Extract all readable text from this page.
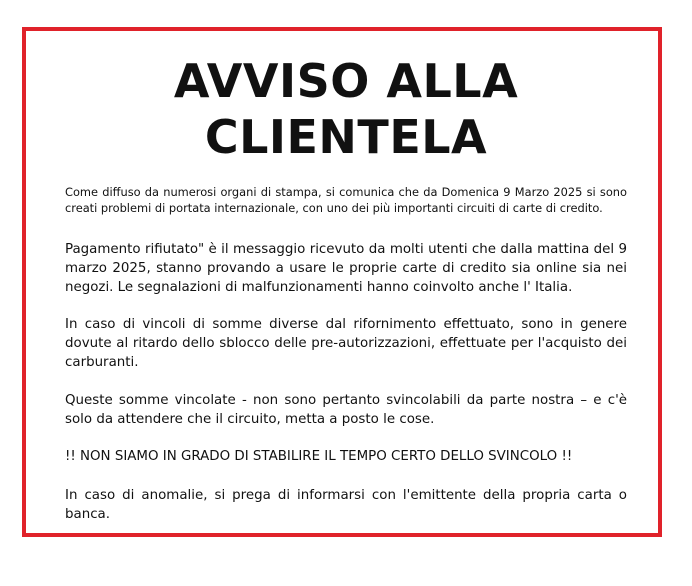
AVVISO ALLA
CLIENTELA
Come diffuso da numerosi organi di stampa, si comunica che da Domenica 9 Marzo 2025 si sono creati problemi di portata internazionale, con uno dei più importanti circuiti di carte di credito.
Pagamento rifiutato" è il messaggio ricevuto da molti utenti che dalla mattina del 9 marzo 2025, stanno provando a usare le proprie carte di credito sia online sia nei negozi. Le segnalazioni di malfunzionamenti hanno coinvolto anche l' Italia.
In caso di vincoli di somme diverse dal rifornimento effettuato, sono in genere dovute al ritardo dello sblocco delle pre-autorizzazioni, effettuate per l'acquisto dei carburanti.
Queste somme vincolate - non sono pertanto svincolabili da parte nostra – e c'è solo da attendere che il circuito, metta a posto le cose.
!! NON SIAMO IN GRADO DI STABILIRE IL TEMPO CERTO DELLO SVINCOLO !!
In caso di anomalie, si prega di informarsi con l'emittente della propria carta o banca.
